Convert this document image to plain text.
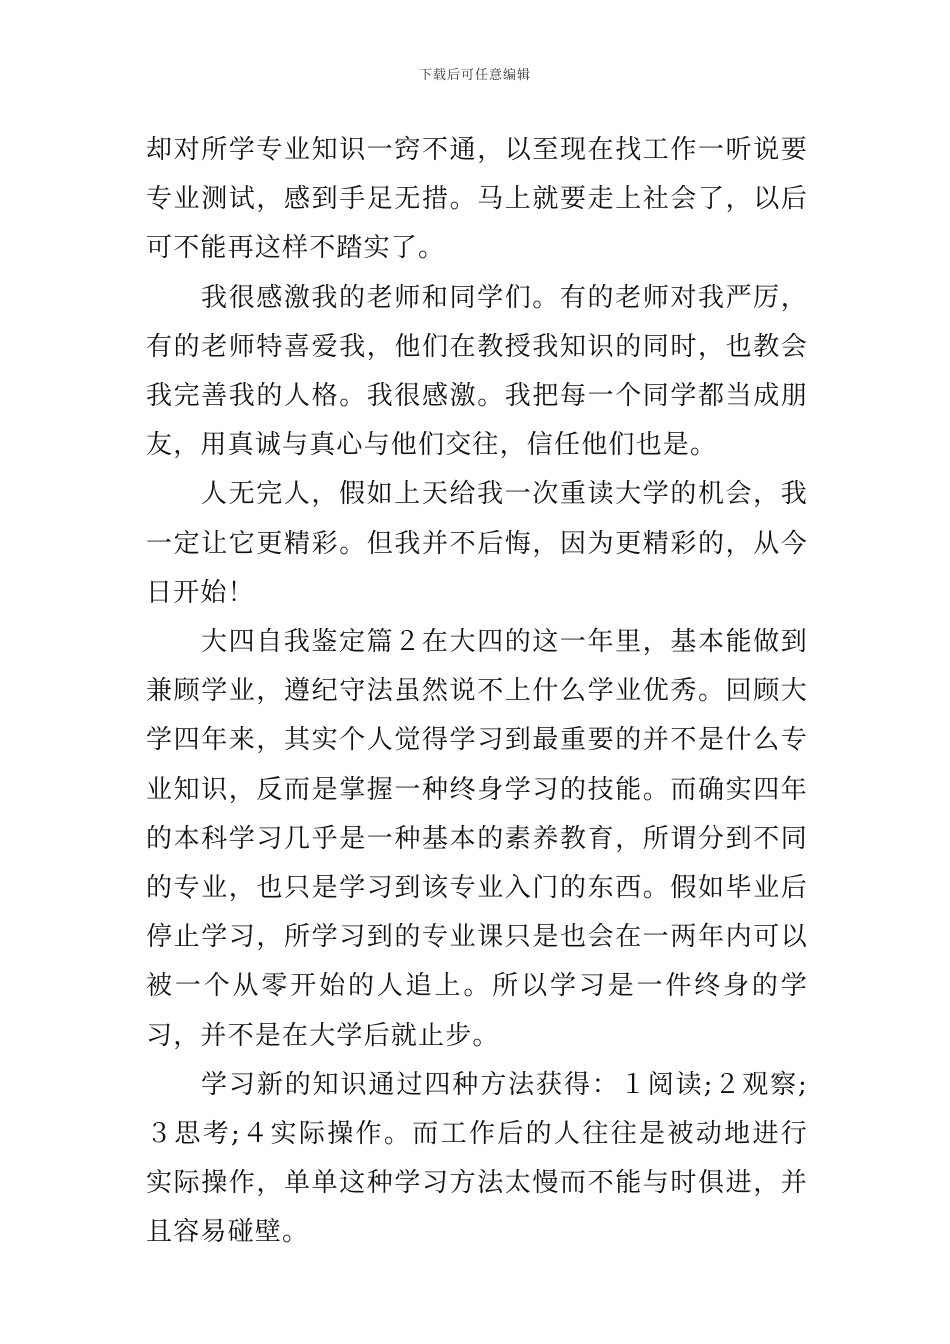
下载后可任意编辑

却对所学专业知识一窍不通，以至现在找工作一听说要专业测试，感到手足无措。马上就要走上社会了，以后可不能再这样不踏实了。

我很感激我的老师和同学们。有的老师对我严厉，有的老师特喜爱我，他们在教授我知识的同时，也教会我完善我的人格。我很感激。我把每一个同学都当成朋友，用真诚与真心与他们交往，信任他们也是。

人无完人，假如上天给我一次重读大学的机会，我一定让它更精彩。但我并不后悔，因为更精彩的，从今日开始！

大四自我鉴定篇２在大四的这一年里，基本能做到兼顾学业，遵纪守法虽然说不上什么学业优秀。回顾大学四年来，其实个人觉得学习到最重要的并不是什么专业知识，反而是掌握一种终身学习的技能。而确实四年的本科学习几乎是一种基本的素养教育，所谓分到不同的专业，也只是学习到该专业入门的东西。假如毕业后停止学习，所学习到的专业课只是也会在一两年内可以被一个从零开始的人追上。所以学习是一件终身的学习，并不是在大学后就止步。

学习新的知识通过四种方法获得：１阅读;２观察;３思考;４实际操作。而工作后的人往往是被动地进行实际操作，单单这种学习方法太慢而不能与时俱进，并且容易碰壁。
